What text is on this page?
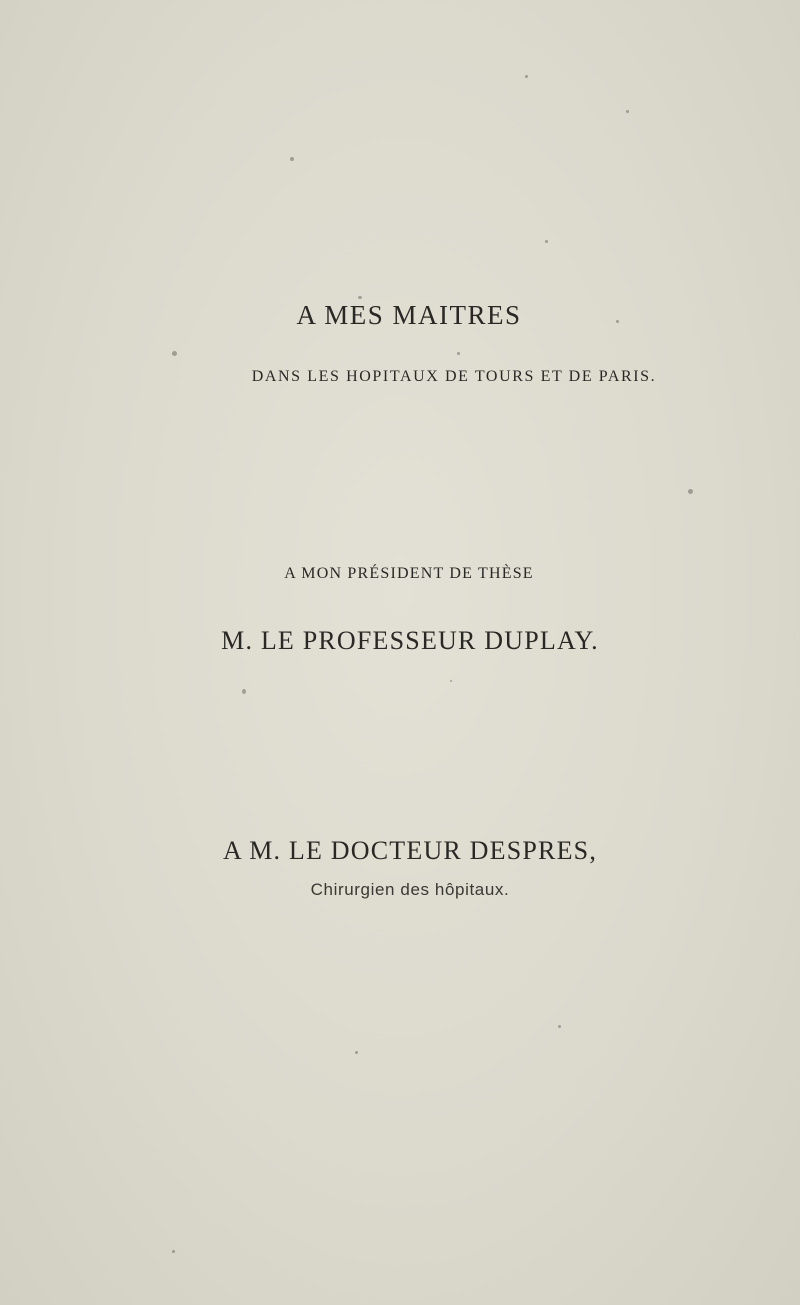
A MES MAITRES
DANS LES HOPITAUX DE TOURS ET DE PARIS.
A MON PRÉSIDENT DE THÈSE
M. LE PROFESSEUR DUPLAY.
A M. LE DOCTEUR DESPRES,
Chirurgien des hôpitaux.
